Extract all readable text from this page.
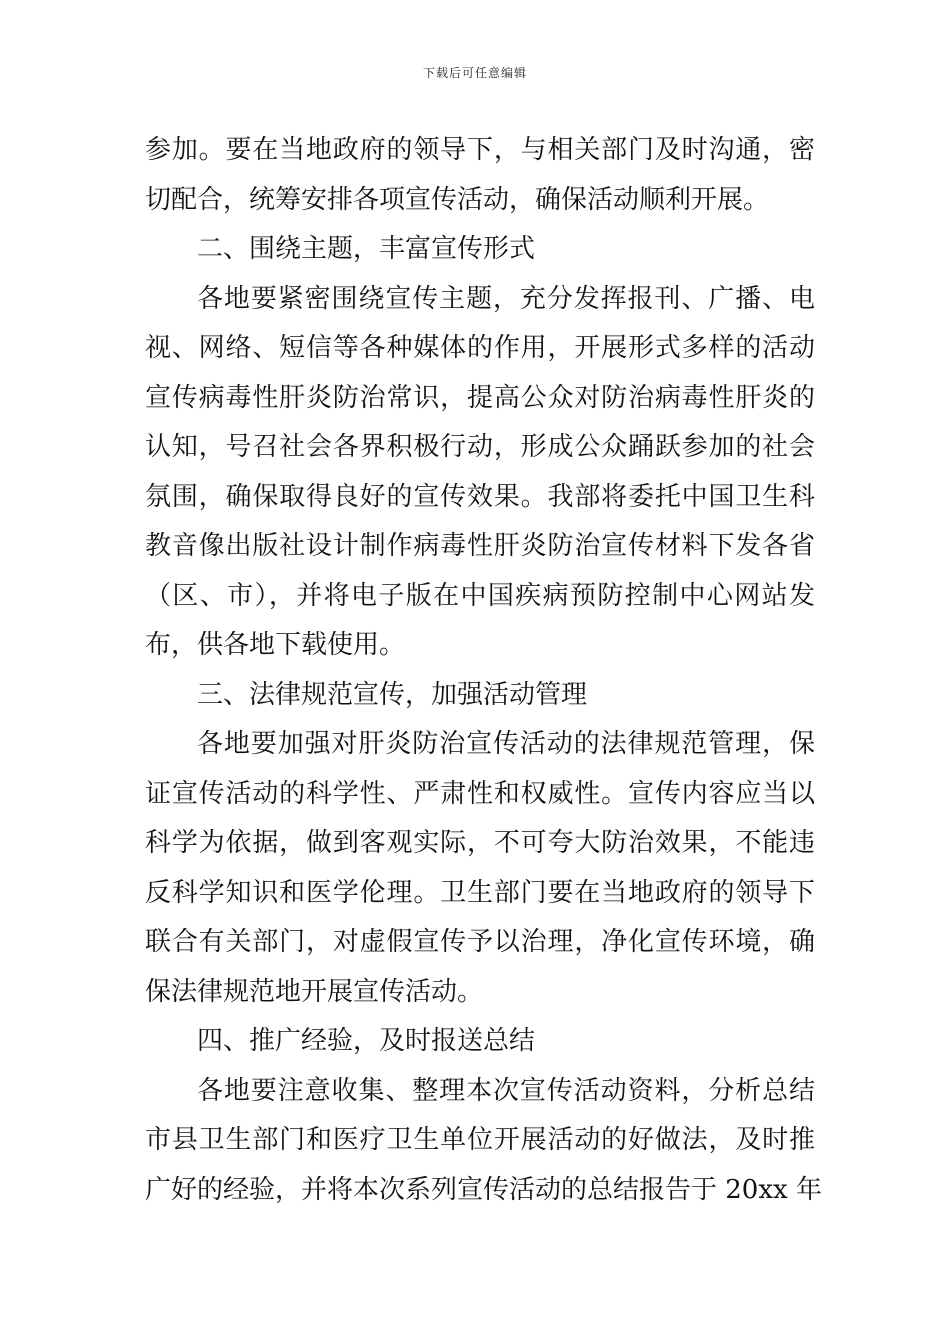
下载后可任意编辑
参加。要在当地政府的领导下，与相关部门及时沟通，密
切配合，统筹安排各项宣传活动，确保活动顺利开展。
二、围绕主题，丰富宣传形式
各地要紧密围绕宣传主题，充分发挥报刊、广播、电
视、网络、短信等各种媒体的作用，开展形式多样的活动
宣传病毒性肝炎防治常识，提高公众对防治病毒性肝炎的
认知，号召社会各界积极行动，形成公众踊跃参加的社会
氛围，确保取得良好的宣传效果。我部将委托中国卫生科
教音像出版社设计制作病毒性肝炎防治宣传材料下发各省
（区、市），并将电子版在中国疾病预防控制中心网站发
布，供各地下载使用。
三、法律规范宣传，加强活动管理
各地要加强对肝炎防治宣传活动的法律规范管理，保
证宣传活动的科学性、严肃性和权威性。宣传内容应当以
科学为依据，做到客观实际，不可夸大防治效果，不能违
反科学知识和医学伦理。卫生部门要在当地政府的领导下
联合有关部门，对虚假宣传予以治理，净化宣传环境，确
保法律规范地开展宣传活动。
四、推广经验，及时报送总结
各地要注意收集、整理本次宣传活动资料，分析总结
市县卫生部门和医疗卫生单位开展活动的好做法，及时推
广好的经验，并将本次系列宣传活动的总结报告于 20xx 年
